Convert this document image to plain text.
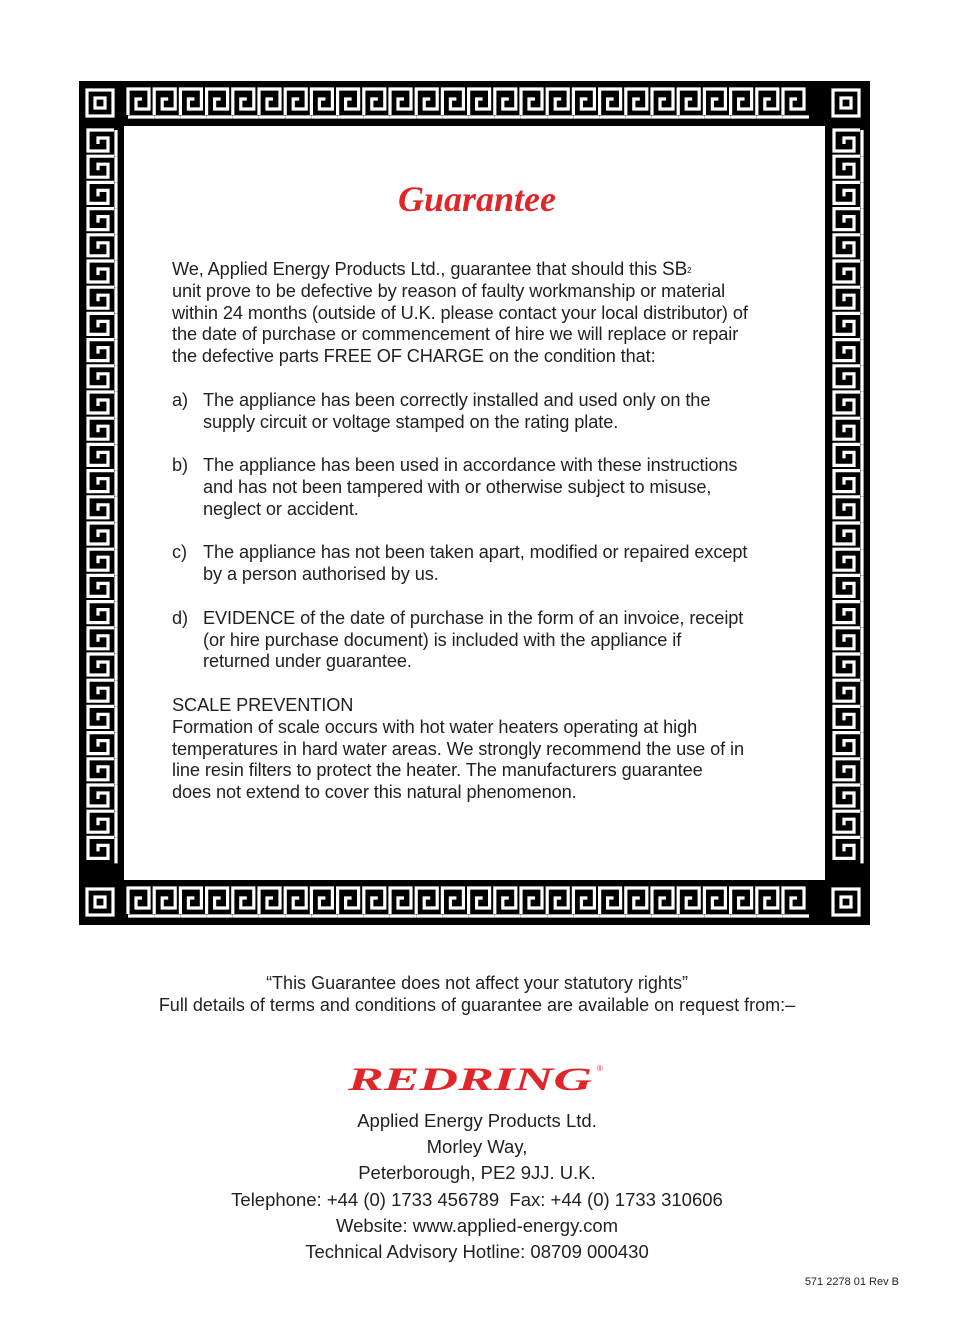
Guarantee

We, Applied Energy Products Ltd., guarantee that should this $SB^2$

unit prove to be defective by reason of faulty workmanship or material

within 24 months (outside of U.K. please contact your local distributor) of

the date of purchase or commencement of hire we will replace or repair

the defective parts FREE OF CHARGE on the condition that:

a) The appliance has been correctly installed and used only on the

supply circuit or voltage stamped on the rating plate.

b) The appliance has been used in accordance with these instructions

and has not been tampered with or otherwise subject to misuse,

neglect or accident.

c) The appliance has not been taken apart, modified or repaired except

by a person authorised by us.

d) EVIDENCE of the date of purchase in the form of an invoice, receipt

(or hire purchase document) is included with the appliance if

returned under guarantee.

SCALE PREVENTION

Formation of scale occurs with hot water heaters operating at high

temperatures in hard water areas. We strongly recommend the use of in

line resin filters to protect the heater. The manufacturers guarantee

does not extend to cover this natural phenomenon.

“This Guarantee does not affect your statutory rights”
Full details of terms and conditions of guarantee are available on request from:–
REDRING ®
Applied Energy Products Ltd.
Morley Way,
Peterborough, PE2 9JJ. U.K.
Telephone: +44 (0) 1733 456789  Fax: +44 (0) 1733 310606
Website: www.applied-energy.com
Technical Advisory Hotline: 08709 000430
571 2278 01 Rev B
